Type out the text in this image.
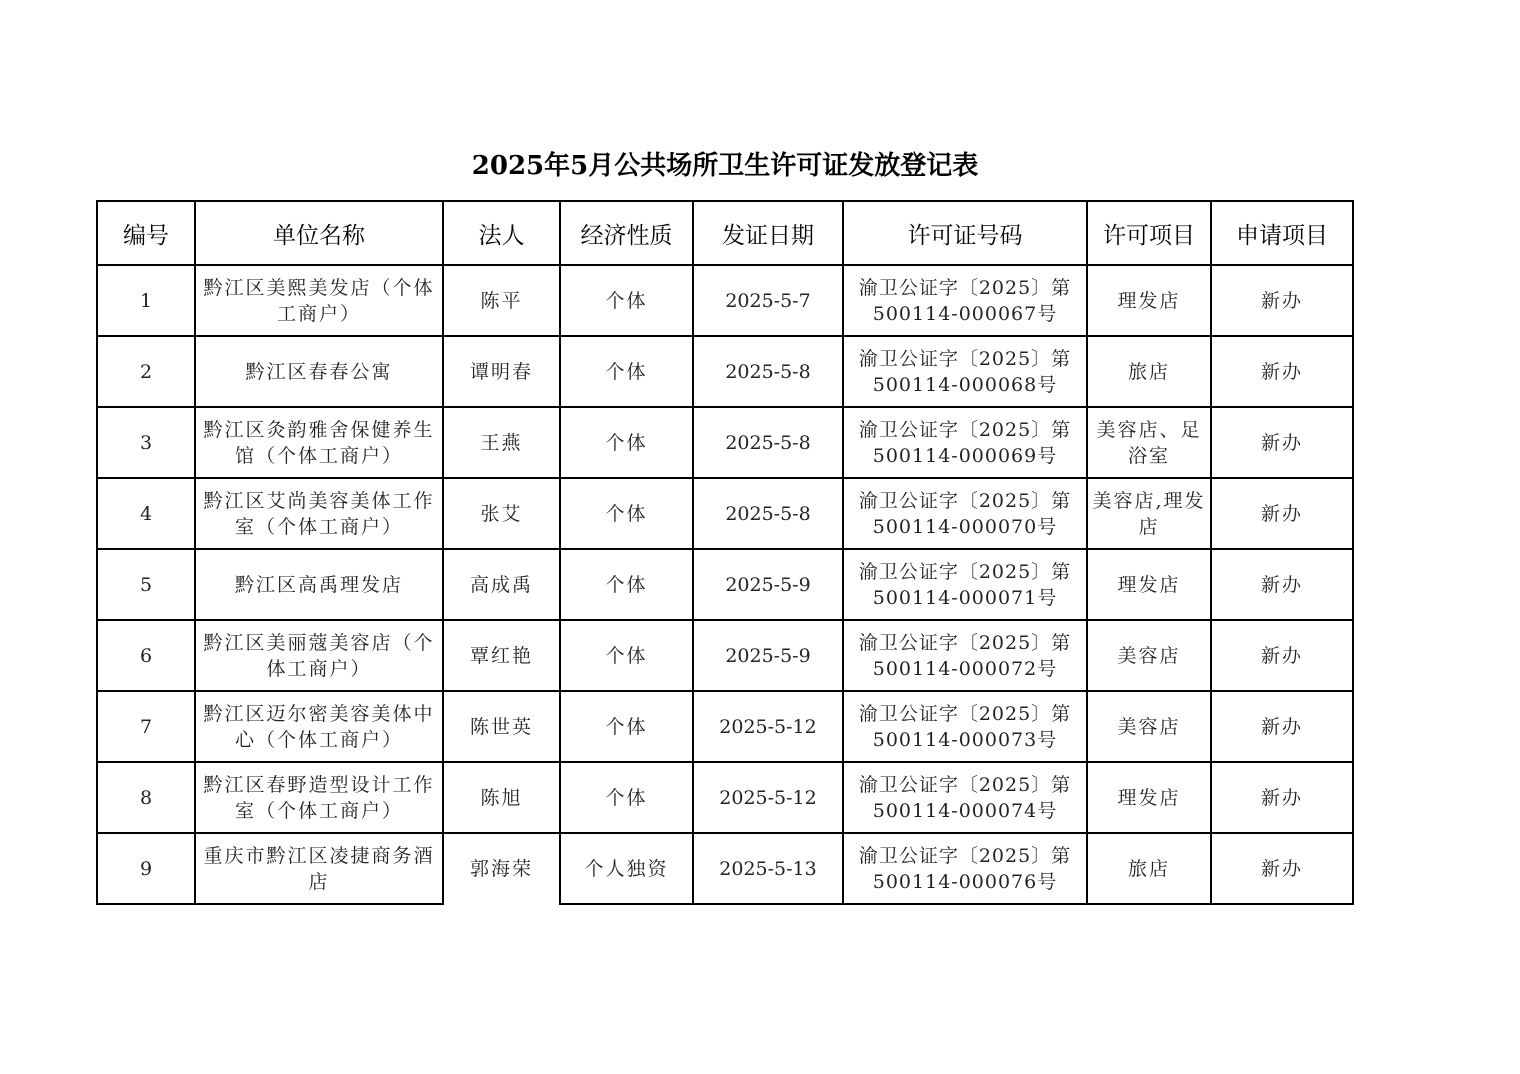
2025年5月公共场所卫生许可证发放登记表
编号	单位名称	法人	经济性质	发证日期	许可证号码	许可项目	申请项目
1	黔江区美熙美发店（个体工商户）	陈平	个体	2025-5-7	渝卫公证字〔2025〕第
500114-000067号	理发店	新办
2	黔江区春春公寓	谭明春	个体	2025-5-8	渝卫公证字〔2025〕第
500114-000068号	旅店	新办
3	黔江区灸韵雅舍保健养生馆（个体工商户）	王燕	个体	2025-5-8	渝卫公证字〔2025〕第
500114-000069号	美容店、足浴室	新办
4	黔江区艾尚美容美体工作室（个体工商户）	张艾	个体	2025-5-8	渝卫公证字〔2025〕第
500114-000070号	美容店,理发店	新办
5	黔江区高禹理发店	高成禹	个体	2025-5-9	渝卫公证字〔2025〕第
500114-000071号	理发店	新办
6	黔江区美丽蔻美容店（个体工商户）	覃红艳	个体	2025-5-9	渝卫公证字〔2025〕第
500114-000072号	美容店	新办
7	黔江区迈尔密美容美体中心（个体工商户）	陈世英	个体	2025-5-12	渝卫公证字〔2025〕第
500114-000073号	美容店	新办
8	黔江区春野造型设计工作室（个体工商户）	陈旭	个体	2025-5-12	渝卫公证字〔2025〕第
500114-000074号	理发店	新办
9	重庆市黔江区凌捷商务酒店	郭海荣	个人独资	2025-5-13	渝卫公证字〔2025〕第
500114-000076号	旅店	新办
